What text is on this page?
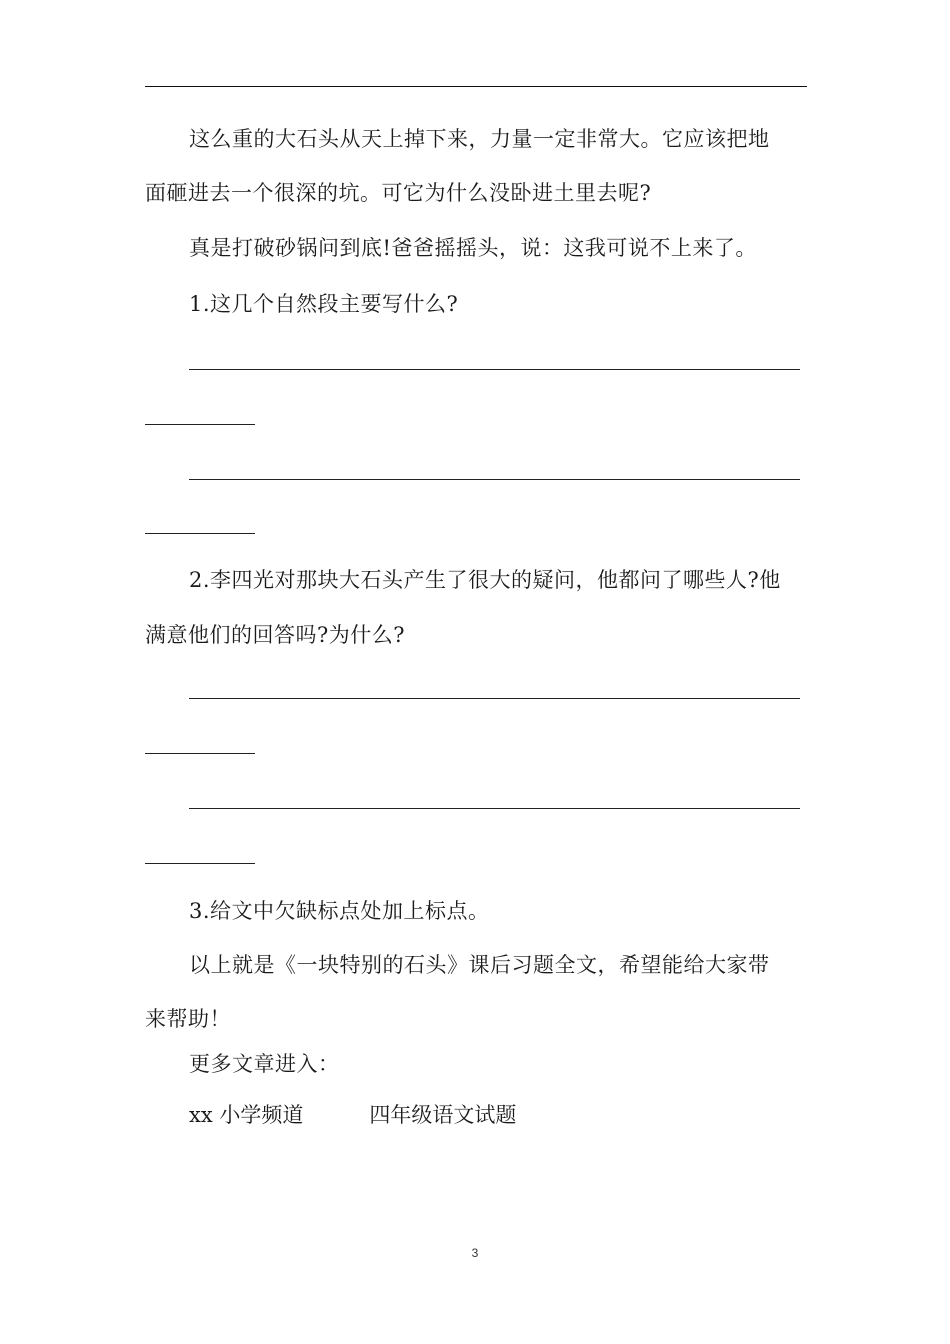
这么重的大石头从天上掉下来，力量一定非常大。它应该把地
面砸进去一个很深的坑。可它为什么没卧进土里去呢?
真是打破砂锅问到底!爸爸摇摇头，说：这我可说不上来了。
1.这几个自然段主要写什么?
2.李四光对那块大石头产生了很大的疑问，他都问了哪些人?他
满意他们的回答吗?为什么?
3.给文中欠缺标点处加上标点。
以上就是《一块特别的石头》课后习题全文，希望能给大家带
来帮助！
更多文章进入：
xx 小学频道	四年级语文试题
3
